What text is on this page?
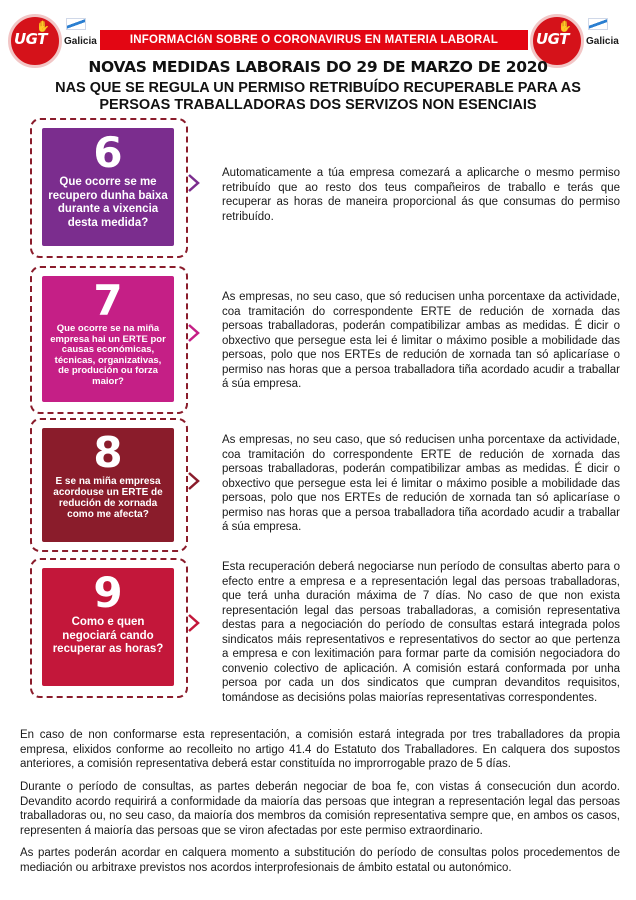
UGT
✋
Galicia	UGT
✋
Galicia
INFORMACIóN SOBRE O CORONAVIRUS EN MATERIA LABORAL
NOVAS MEDIDAS LABORAIS DO 29 DE MARZO DE 2020
NAS QUE SE REGULA UN PERMISO RETRIBUÍDO RECUPERABLE PARA AS PERSOAS TRABALLADORAS DOS SERVIZOS NON ESENCIAIS
6
Que ocorre se me recupero dunha baixa durante a vixencia desta medida?
Automaticamente a túa empresa comezará a aplicarche o mesmo permiso retribuído que ao resto dos teus compañeiros de traballo e terás que recuperar as horas de maneira proporcional ás que consumas do permiso retribuído.
7
Que ocorre se na miña empresa hai un ERTE por causas económicas, técnicas, organizativas, de produción ou forza maior?
As empresas, no seu caso, que só reducisen unha porcentaxe da actividade, coa tramitación do correspondente ERTE de redución de xornada das persoas traballadoras, poderán compatibilizar ambas as medidas. É dicir o obxectivo que persegue esta lei é limitar o máximo posible a mobilidade das persoas, polo que nos ERTEs de redución de xornada tan só aplicaríase o permiso nas horas que a persoa traballadora tiña acordado acudir a traballar á súa empresa.
8
E se na miña empresa acordouse un ERTE de redución de xornada como me afecta?
As empresas, no seu caso, que só reducisen unha porcentaxe da actividade, coa tramitación do correspondente ERTE de redución de xornada das persoas traballadoras, poderán compatibilizar ambas as medidas. É dicir o obxectivo que persegue esta lei é limitar o máximo posible a mobilidade das persoas, polo que nos ERTEs de redución de xornada tan só aplicaríase o permiso nas horas que a persoa traballadora tiña acordado acudir a traballar á súa empresa.
9
Como e quen negociará cando recuperar as horas?
Esta recuperación deberá negociarse nun período de consultas aberto para o efecto entre a empresa e a representación legal das persoas traballadoras, que terá unha duración máxima de 7 días. No caso de que non exista representación legal das persoas traballadoras, a comisión representativa destas para a negociación do período de consultas estará integrada polos sindicatos máis representativos e representativos do sector ao que pertenza a empresa e con lexitimación para formar parte da comisión negociadora do convenio colectivo de aplicación. A comisión estará conformada por unha persoa por cada un dos sindicatos que cumpran devanditos requisitos, tomándose as decisións polas maiorías representativas correspondentes.
En caso de non conformarse esta representación, a comisión estará integrada por tres traballadores da propia empresa, elixidos conforme ao recolleito no artigo 41.4 do Estatuto dos Traballadores. En calquera dos supostos anteriores, a comisión representativa deberá estar constituída no improrrogable prazo de 5 días.
Durante o período de consultas, as partes deberán negociar de boa fe, con vistas á consecución dun acordo. Devandito acordo requirirá a conformidade da maioría das persoas que integran a representación legal das persoas traballadoras ou, no seu caso, da maioría dos membros da comisión representativa sempre que, en ambos os casos, representen á maioría das persoas que se viron afectadas por este permiso extraordinario.
As partes poderán acordar en calquera momento a substitución do período de consultas polos procedementos de mediación ou arbitraxe previstos nos acordos interprofesionais de ámbito estatal ou autonómico.
